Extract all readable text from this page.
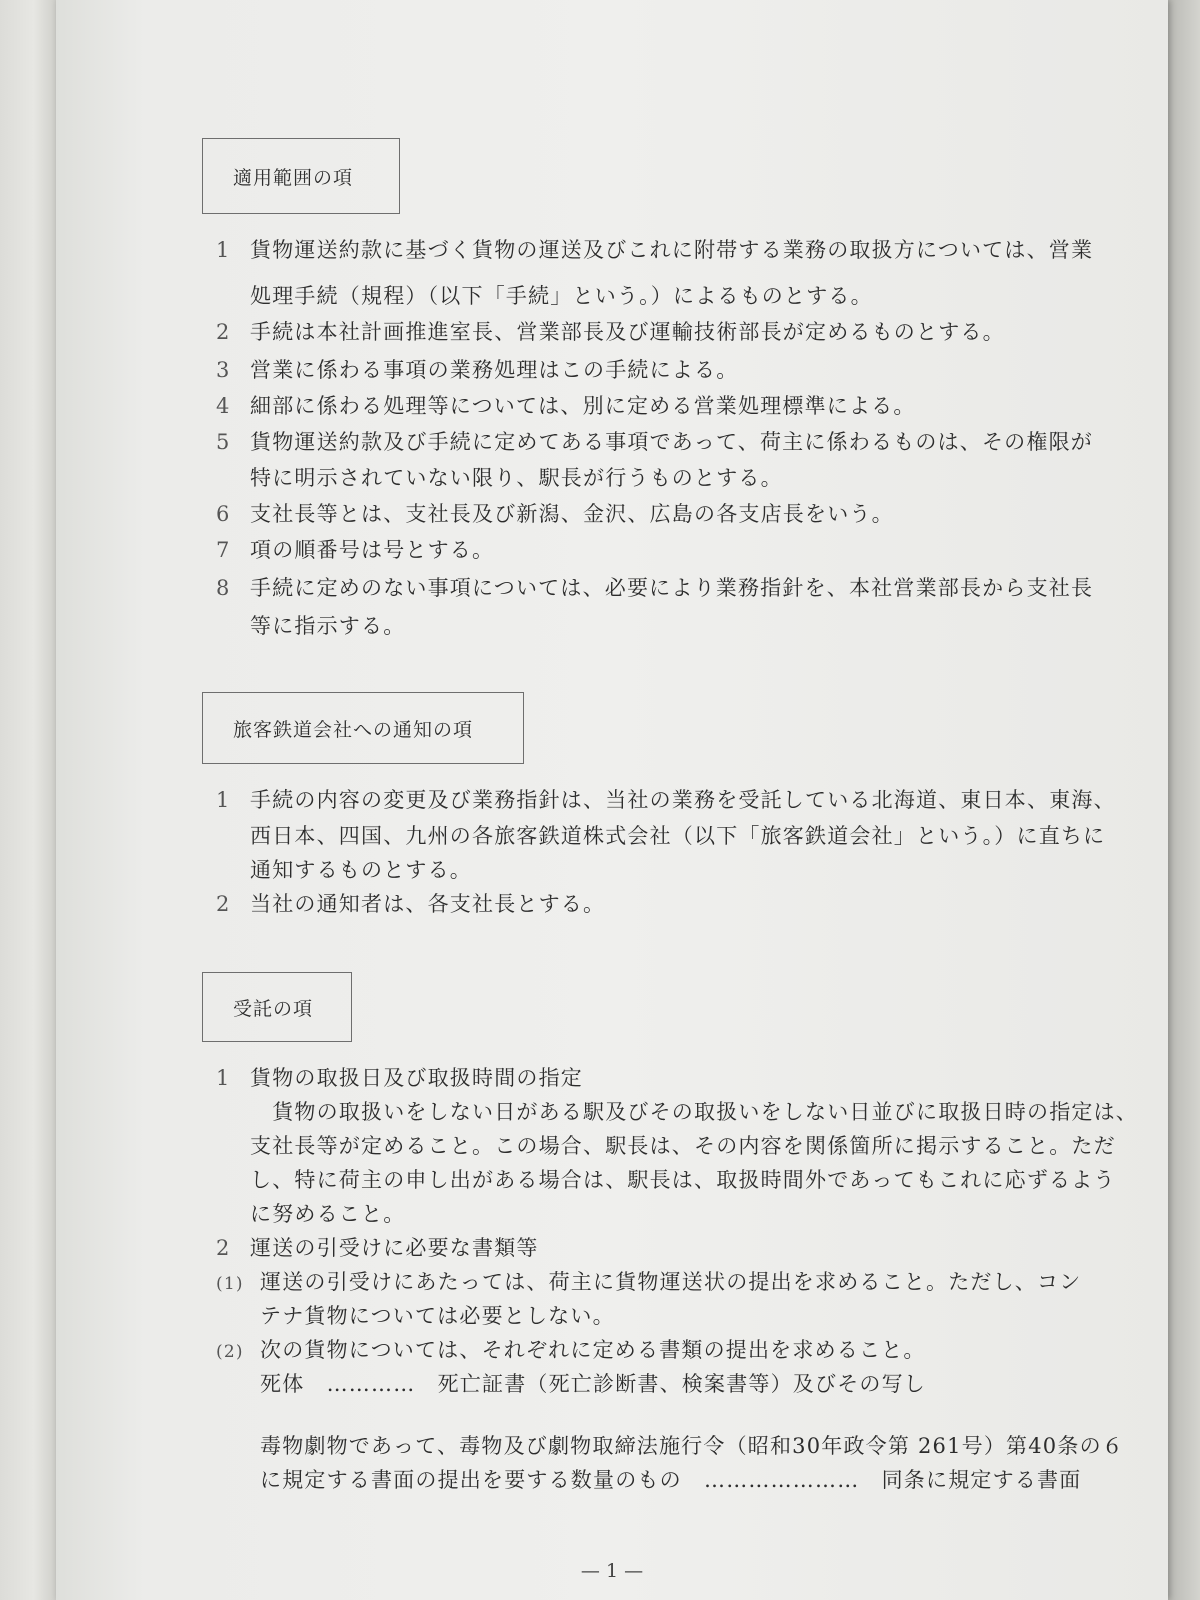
適用範囲の項
1 貨物運送約款に基づく貨物の運送及びこれに附帯する業務の取扱方については、営業
処理手続（規程）（以下「手続」という。）によるものとする。
2 手続は本社計画推進室長、営業部長及び運輸技術部長が定めるものとする。
3 営業に係わる事項の業務処理はこの手続による。
4 細部に係わる処理等については、別に定める営業処理標準による。
5 貨物運送約款及び手続に定めてある事項であって、荷主に係わるものは、その権限が
特に明示されていない限り、駅長が行うものとする。
6 支社長等とは、支社長及び新潟、金沢、広島の各支店長をいう。
7 項の順番号は号とする。
8 手続に定めのない事項については、必要により業務指針を、本社営業部長から支社長
等に指示する。
旅客鉄道会社への通知の項
1 手続の内容の変更及び業務指針は、当社の業務を受託している北海道、東日本、東海、
西日本、四国、九州の各旅客鉄道株式会社（以下「旅客鉄道会社」という。）に直ちに
通知するものとする。
2 当社の通知者は、各支社長とする。
受託の項
1 貨物の取扱日及び取扱時間の指定
　貨物の取扱いをしない日がある駅及びその取扱いをしない日並びに取扱日時の指定は、
支社長等が定めること。この場合、駅長は、その内容を関係箇所に掲示すること。ただ
し、特に荷主の申し出がある場合は、駅長は、取扱時間外であってもこれに応ずるよう
に努めること。
2 運送の引受けに必要な書類等
(1) 運送の引受けにあたっては、荷主に貨物運送状の提出を求めること。ただし、コン
テナ貨物については必要としない。
(2) 次の貨物については、それぞれに定める書類の提出を求めること。
死体　…………　死亡証書（死亡診断書、検案書等）及びその写し
毒物劇物であって、毒物及び劇物取締法施行令（昭和30年政令第 261号）第40条の６
に規定する書面の提出を要する数量のもの　…………………　同条に規定する書面
— 1 —
